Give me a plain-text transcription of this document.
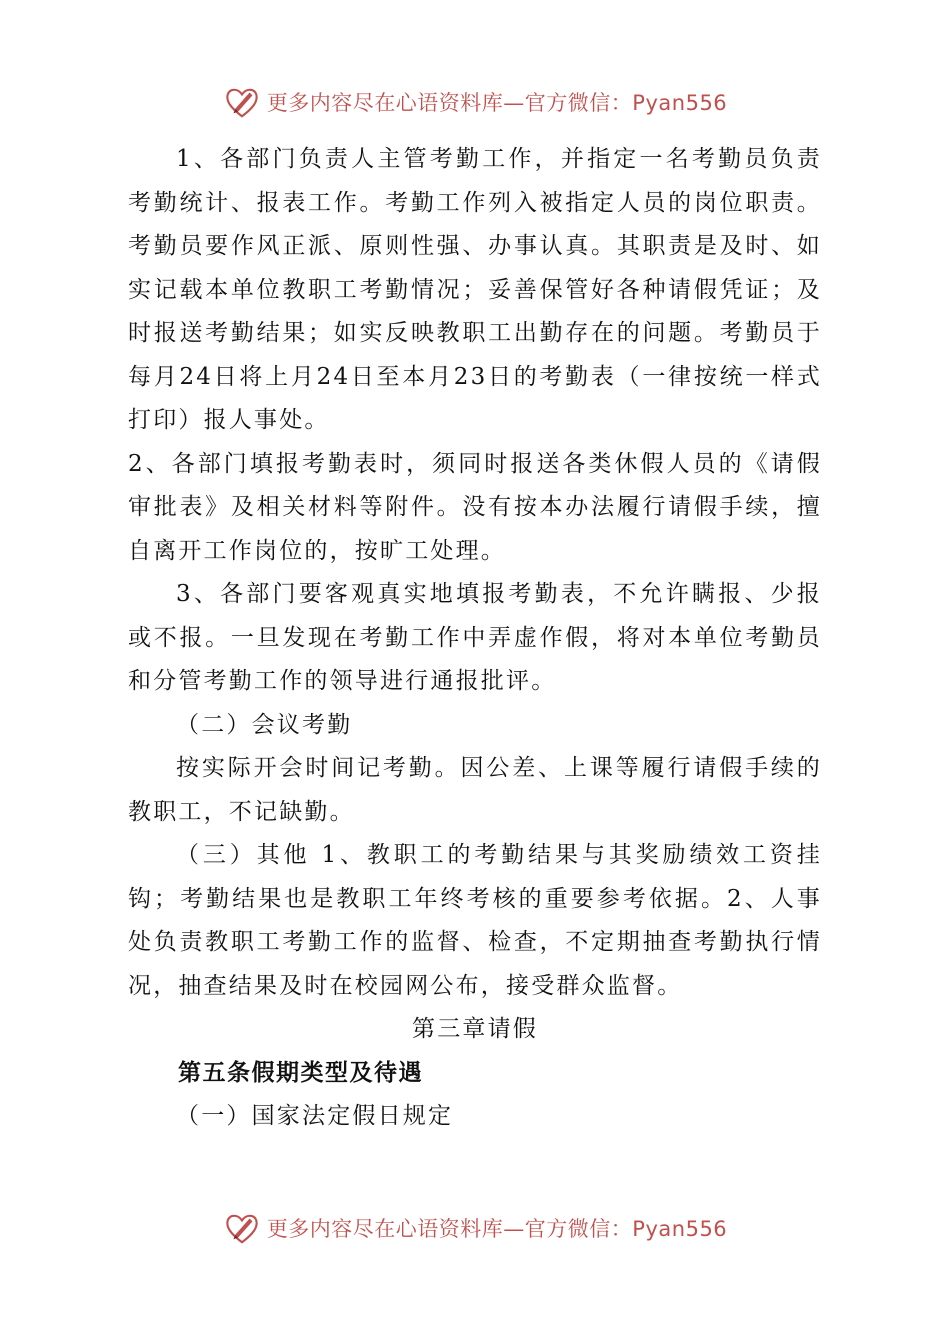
更多内容尽在心语资料库—官方微信：Pyan556

1、各部门负责人主管考勤工作，并指定一名考勤员负责考勤统计、报表工作。考勤工作列入被指定人员的岗位职责。考勤员要作风正派、原则性强、办事认真。其职责是及时、如实记载本单位教职工考勤情况；妥善保管好各种请假凭证；及时报送考勤结果；如实反映教职工出勤存在的问题。考勤员于每月24日将上月24日至本月23日的考勤表（一律按统一样式打印）报人事处。

2、各部门填报考勤表时，须同时报送各类休假人员的《请假审批表》及相关材料等附件。没有按本办法履行请假手续，擅自离开工作岗位的，按旷工处理。

3、各部门要客观真实地填报考勤表，不允许瞒报、少报或不报。一旦发现在考勤工作中弄虚作假，将对本单位考勤员和分管考勤工作的领导进行通报批评。

（二）会议考勤

按实际开会时间记考勤。因公差、上课等履行请假手续的教职工，不记缺勤。

（三）其他 1、教职工的考勤结果与其奖励绩效工资挂钩；考勤结果也是教职工年终考核的重要参考依据。2、人事处负责教职工考勤工作的监督、检查，不定期抽查考勤执行情况，抽查结果及时在校园网公布，接受群众监督。

第三章请假

第五条假期类型及待遇

（一）国家法定假日规定

更多内容尽在心语资料库—官方微信：Pyan556
